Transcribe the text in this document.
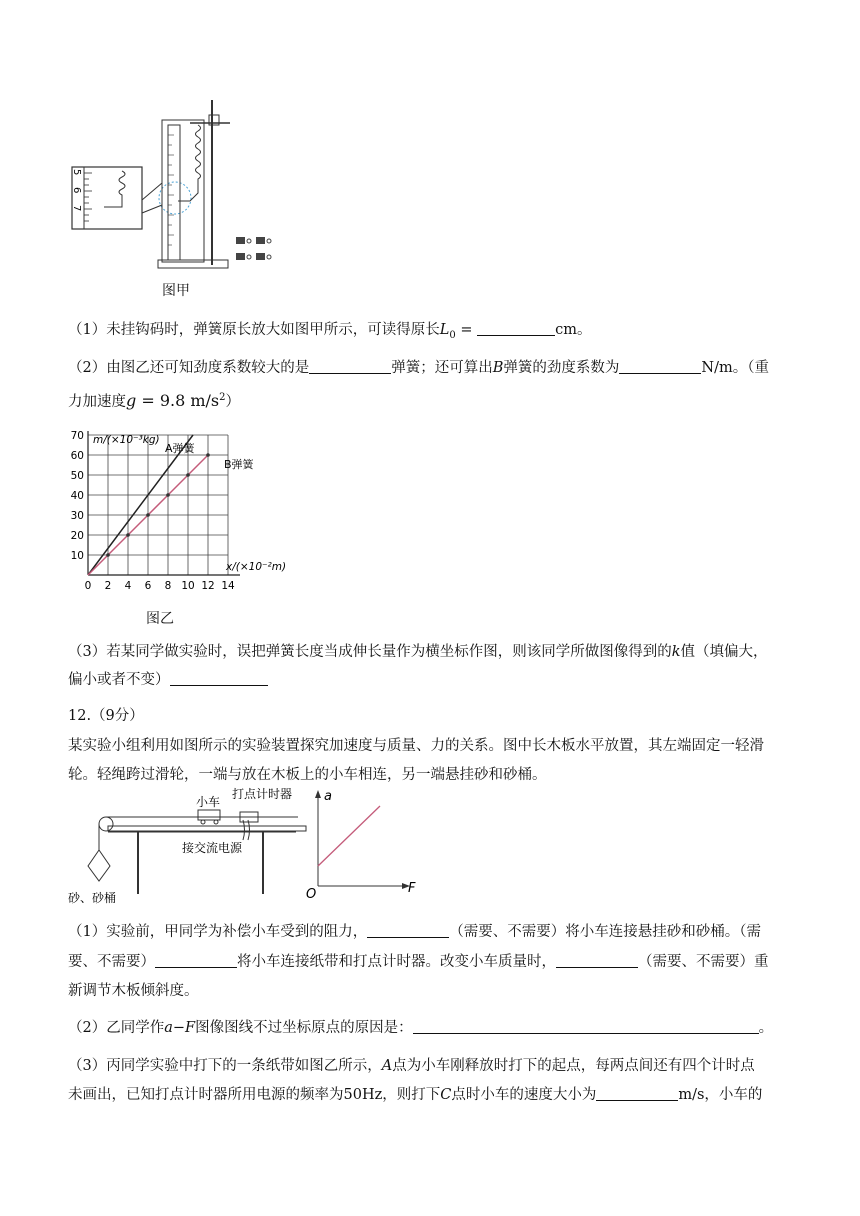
5
6
7
图甲
（1）未挂钩码时，弹簧原长放大如图甲所示，可读得原长$L_0$ =	cm。
（2）由图乙还可知劲度系数较大的是	弹簧；还可算出B弹簧的劲度系数为	N/m。（重
力加速度g = 9.8 $m/s^2$）
10
20
30
40
50
60
70
0 2 4 6 8 10 12 14
m/(×10⁻³kg)
x/(×10⁻²m)
A弹簧
B弹簧
图乙
（3）若某同学做实验时，误把弹簧长度当成伸长量作为横坐标作图，则该同学所做图像得到的k值（填偏大，
偏小或者不变）
12.（9分）
某实验小组利用如图所示的实验装置探究加速度与质量、力的关系。图中长木板水平放置，其左端固定一轻滑
轮。轻绳跨过滑轮，一端与放在木板上的小车相连，另一端悬挂砂和砂桶。
小车
打点计时器
接交流电源
砂、砂桶
a
F
O
（1）实验前，甲同学为补偿小车受到的阻力，	（需要、不需要）将小车连接悬挂砂和砂桶。（需
要、不需要）	将小车连接纸带和打点计时器。改变小车质量时，	（需要、不需要）重
新调节木板倾斜度。
（2）乙同学作a−F图像图线不过坐标原点的原因是：	。
（3）丙同学实验中打下的一条纸带如图乙所示，A点为小车刚释放时打下的起点，每两点间还有四个计时点
未画出，已知打点计时器所用电源的频率为50Hz，则打下C点时小车的速度大小为	m/s，小车的
